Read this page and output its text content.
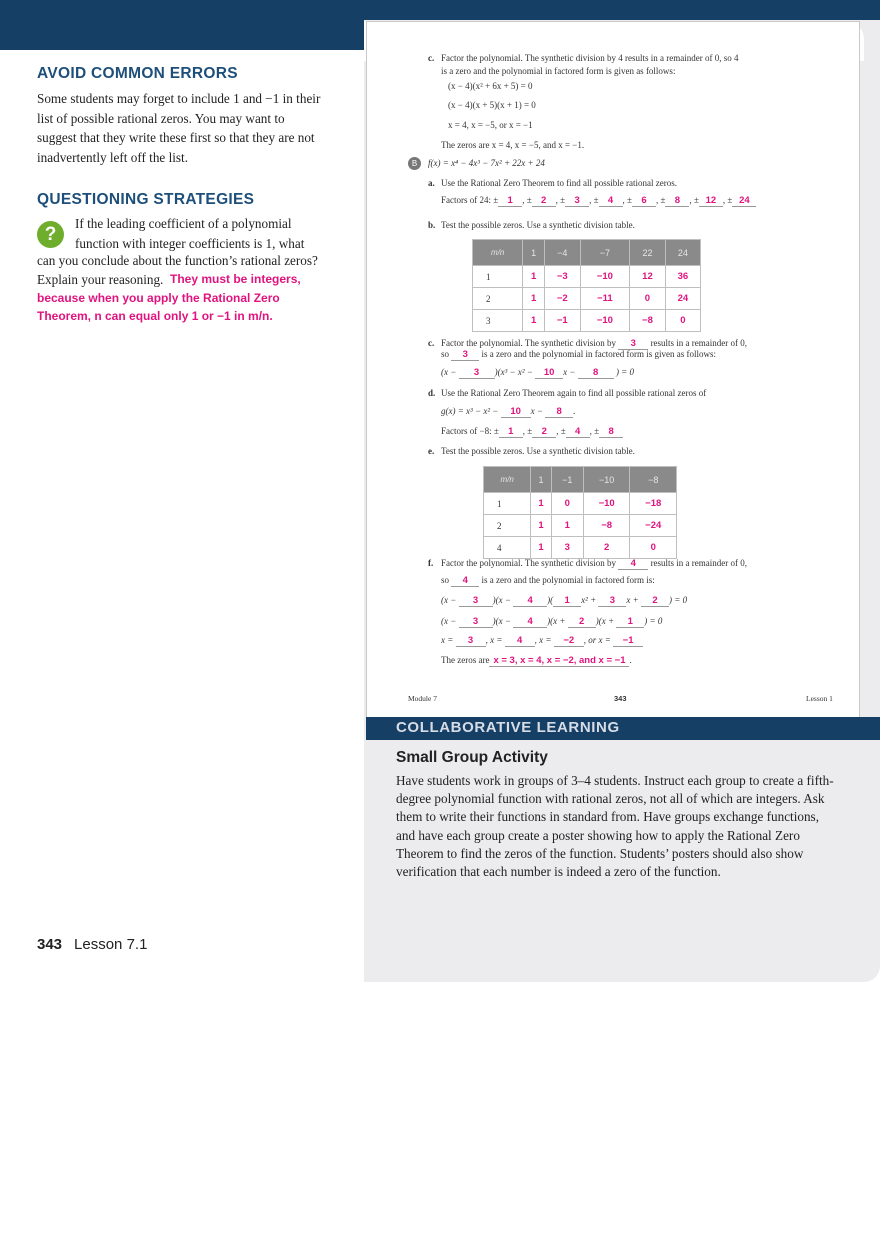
AVOID COMMON ERRORS
Some students may forget to include 1 and −1 in their list of possible rational zeros. You may want to suggest that they write these first so that they are not inadvertently left off the list.
QUESTIONING STRATEGIES
?
If the leading coefficient of a polynomial
function with integer coefficients is 1, what
can you conclude about the function’s rational zeros?
Explain your reasoning. They must be integers,
because when you apply the Rational Zero
Theorem, n can equal only 1 or −1 in m/n.
c. Factor the polynomial. The synthetic division by 4 results in a remainder of 0, so 4
is a zero and the polynomial in factored form is given as follows:
(x − 4)(x² + 6x + 5) = 0
(x − 4)(x + 5)(x + 1) = 0
x = 4, x = −5, or x = −1
The zeros are x = 4, x = −5, and x = −1.
B	f(x) = x⁴ − 4x³ − 7x² + 22x + 24
a. Use the Rational Zero Theorem to find all possible rational zeros.
Factors of 24: ± 1 , ± 2 , ± 3 , ± 4 , ± 6 , ± 8 , ± 12 , ± 24
b. Test the possible zeros. Use a synthetic division table.
m/n	1	−4	−7	22	24
1	1	−3	−10	12	36
2	1	−2	−11	0	24
3	1	−1	−10	−8	0
c. Factor the polynomial. The synthetic division by 3 results in a remainder of 0,
so 3 is a zero and the polynomial in factored form is given as follows:
(x − 3 )(x³ − x² − 10 x − 8 ) = 0
d. Use the Rational Zero Theorem again to find all possible rational zeros of
g(x) = x³ − x² − 10 x − 8 .
Factors of −8: ± 1 , ± 2 , ± 4 , ± 8
e. Test the possible zeros. Use a synthetic division table.
m/n	1	−1	−10	−8
1	1	0	−10	−18
2	1	1	−8	−24
4	1	3	2	0
f. Factor the polynomial. The synthetic division by 4 results in a remainder of 0,
so 4 is a zero and the polynomial in factored form is:
(x − 3 )(x − 4 )( 1 x² + 3 x + 2 ) = 0
(x − 3 )(x − 4 )(x + 2 )(x + 1 ) = 0
x = 3 , x = 4 , x = −2 , or x = −1
The zeros are x = 3, x = 4, x = −2, and x = −1 .
Module 7	343	Lesson 1
COLLABORATIVE LEARNING
Small Group Activity
Have students work in groups of 3–4 students. Instruct each group to create a fifth-degree polynomial function with rational zeros, not all of which are integers. Ask them to write their functions in standard from. Have groups exchange functions, and have each group create a poster showing how to apply the Rational Zero Theorem to find the zeros of the function. Students’ posters should also show verification that each number is indeed a zero of the function.
343 Lesson 7.1
